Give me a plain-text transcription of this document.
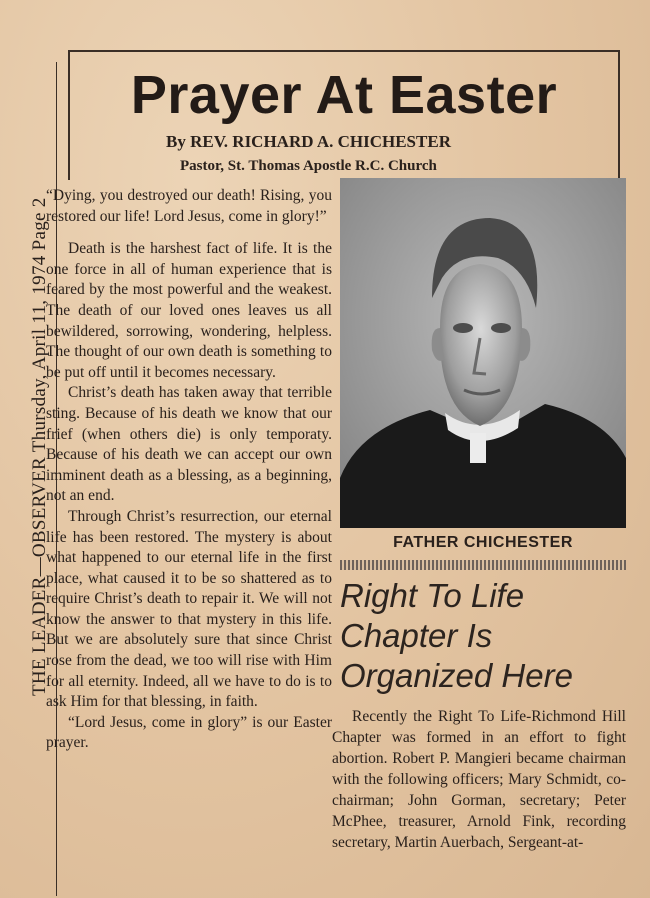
THE LEADER—OBSERVER Thursday, April 11, 1974 Page 2
Prayer At Easter
By REV. RICHARD A. CHICHESTER
Pastor, St. Thomas Apostle R.C. Church

“Dying, you destroyed our death! Rising, you restored our life! Lord Jesus, come in glory!”

Death is the harshest fact of life. It is the one force in all of human experience that is feared by the most powerful and the weakest. The death of our loved ones leaves us all bewildered, sorrowing, wondering, helpless. The thought of our own death is something to be put off until it becomes necessary.

Christ’s death has taken away that terrible sting. Because of his death we know that our frief (when others die) is only temporaty. Because of his death we can accept our own imminent death as a blessing, as a beginning, not an end.

Through Christ’s resurrection, our eternal life has been restored. The mystery is about what happened to our eternal life in the first place, what caused it to be so shattered as to require Christ’s death to repair it. We will not know the answer to that mystery in this life. But we are absolutely sure that since Christ rose from the dead, we too will rise with Him for all eternity. Indeed, all we have to do is to ask Him for that blessing, in faith.

“Lord Jesus, come in glory” is our Easter prayer.

FATHER CHICHESTER
Right To Life Chapter Is Organized Here

Recently the Right To Life-Richmond Hill Chapter was formed in an effort to fight abortion. Robert P. Mangieri became chairman with the following officers; Mary Schmidt, co-chairman; John Gorman, secretary; Peter McPhee, treasurer, Arnold Fink, recording secretary, Martin Auerbach, Sergeant-at-
